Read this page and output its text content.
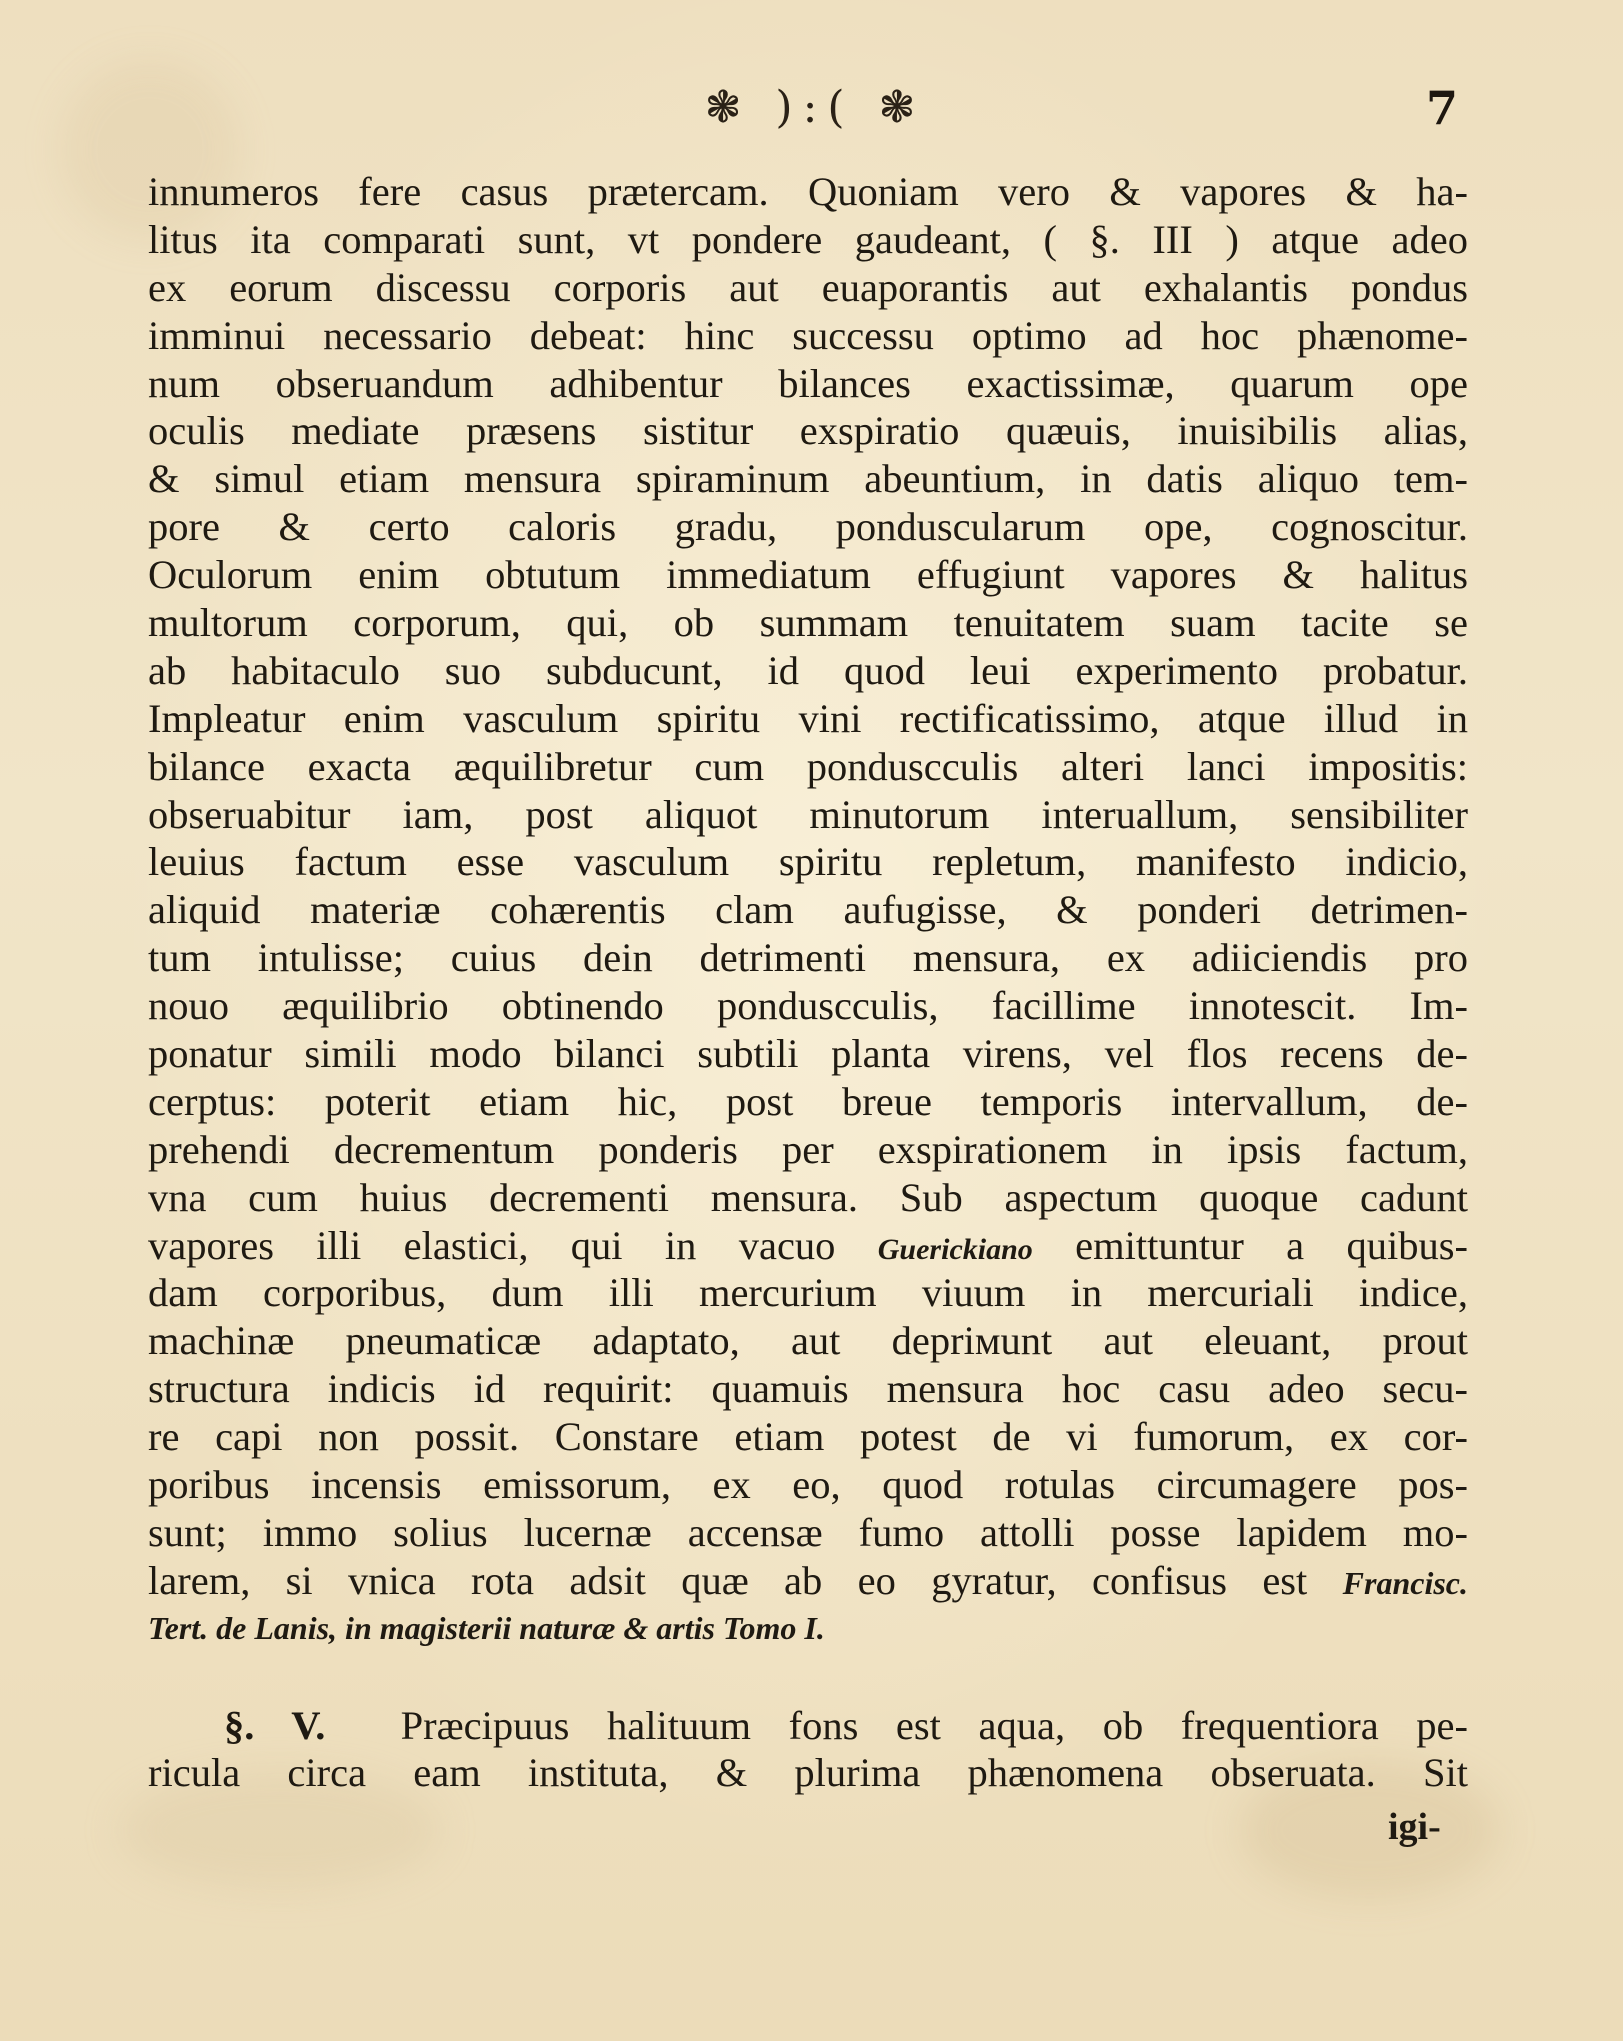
❃ ):( ❃	7
innumeros fere casus prætercam. Quoniam vero & vapores & ha-
litus ita comparati sunt, vt pondere gaudeant, ( §. III ) atque adeo
ex eorum discessu corporis aut euaporantis aut exhalantis pondus
imminui necessario debeat: hinc successu optimo ad hoc phænome-
num obseruandum adhibentur bilances exactissimæ, quarum ope
oculis mediate præsens sistitur exspiratio quæuis, inuisibilis alias,
& simul etiam mensura spiraminum abeuntium, in datis aliquo tem-
pore & certo caloris gradu, ponduscularum ope, cognoscitur.
Oculorum enim obtutum immediatum effugiunt vapores & halitus
multorum corporum, qui, ob summam tenuitatem suam tacite se
ab habitaculo suo subducunt, id quod leui experimento probatur.
Impleatur enim vasculum spiritu vini rectificatissimo, atque illud in
bilance exacta æquilibretur cum ponduscculis alteri lanci impositis:
obseruabitur iam, post aliquot minutorum interuallum, sensibiliter
leuius factum esse vasculum spiritu repletum, manifesto indicio,
aliquid materiæ cohærentis clam aufugisse, & ponderi detrimen-
tum intulisse; cuius dein detrimenti mensura, ex adiiciendis pro
nouo æquilibrio obtinendo ponduscculis, facillime innotescit. Im-
ponatur simili modo bilanci subtili planta virens, vel flos recens de-
cerptus: poterit etiam hic, post breue temporis intervallum, de-
prehendi decrementum ponderis per exspirationem in ipsis factum,
vna cum huius decrementi mensura. Sub aspectum quoque cadunt
vapores illi elastici, qui in vacuo Guerickiano emittuntur a quibus-
dam corporibus, dum illi mercurium viuum in mercuriali indice,
machinæ pneumaticæ adaptato, aut depriмunt aut eleuant, prout
structura indicis id requirit: quamuis mensura hoc casu adeo secu-
re capi non possit. Constare etiam potest de vi fumorum, ex cor-
poribus incensis emissorum, ex eo, quod rotulas circumagere pos-
sunt; immo solius lucernæ accensæ fumo attolli posse lapidem mo-
larem, si vnica rota adsit quæ ab eo gyratur, confisus est Francisc.
Tert. de Lanis, in magisterii naturæ & artis Tomo I.
§. V. Præcipuus halituum fons est aqua, ob frequentiora pe-
ricula circa eam instituta, & plurima phænomena obseruata. Sit
igi-
